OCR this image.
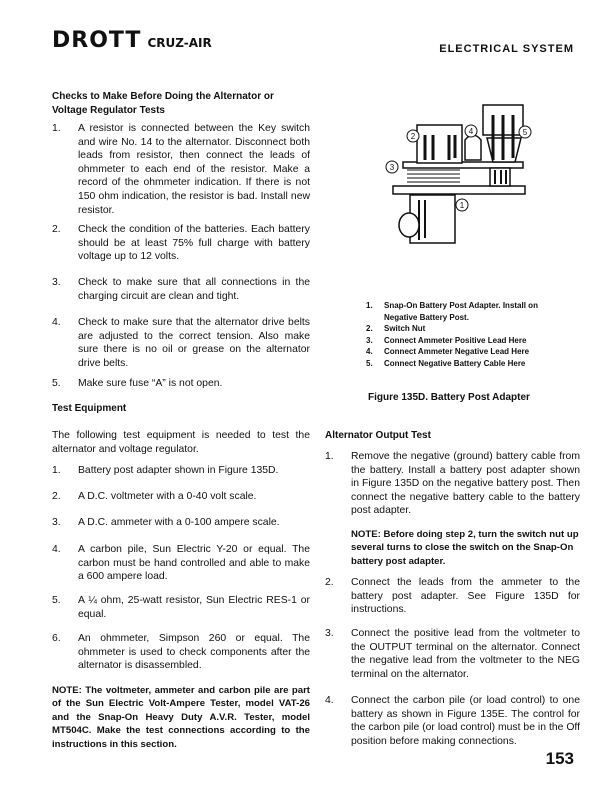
DROTT CRUZ-AIR	ELECTRICAL SYSTEM
Checks to Make Before Doing the Alternator or Voltage Regulator Tests
1.	A resistor is connected between the Key switch and wire No. 14 to the alternator. Disconnect both leads from resistor, then connect the leads of ohmmeter to each end of the resistor. Make a record of the ohmmeter indication. If there is not 150 ohm indication, the resistor is bad. Install new resistor.
2.	Check the condition of the batteries. Each battery should be at least 75% full charge with battery voltage up to 12 volts.
3.	Check to make sure that all connections in the charging circuit are clean and tight.
4.	Check to make sure that the alternator drive belts are adjusted to the correct tension. Also make sure there is no oil or grease on the alternator drive belts.
5.	Make sure fuse “A” is not open.
Test Equipment
The following test equipment is needed to test the alternator and voltage regulator.
1.	Battery post adapter shown in Figure 135D.
2.	A D.C. voltmeter with a 0-40 volt scale.
3.	A D.C. ammeter with a 0-100 ampere scale.
4.	A carbon pile, Sun Electric Y-20 or equal. The carbon must be hand controlled and able to make a 600 ampere load.
5.	A ¼ ohm, 25-watt resistor, Sun Electric RES-1 or equal.
6.	An ohmmeter, Simpson 260 or equal. The ohmmeter is used to check components after the alternator is disassembled.
NOTE: The voltmeter, ammeter and carbon pile are part of the Sun Electric Volt-Ampere Tester, model VAT-26 and the Snap-On Heavy Duty A.V.R. Tester, model MT504C. Make the test connections according to the instructions in this section.
1
2
3
4	5
1.	Snap-On Battery Post Adapter. Install on Negative Battery Post.
2.	Switch Nut
3.	Connect Ammeter Positive Lead Here
4.	Connect Ammeter Negative Lead Here
5.	Connect Negative Battery Cable Here
Figure 135D. Battery Post Adapter
Alternator Output Test
1.	Remove the negative (ground) battery cable from the battery. Install a battery post adapter shown in Figure 135D on the negative battery post. Then connect the negative battery cable to the battery post adapter.
NOTE: Before doing step 2, turn the switch nut up several turns to close the switch on the Snap-On battery post adapter.
2.	Connect the leads from the ammeter to the battery post adapter. See Figure 135D for instructions.
3.	Connect the positive lead from the voltmeter to the OUTPUT terminal on the alternator. Connect the negative lead from the voltmeter to the NEG terminal on the alternator.
4.	Connect the carbon pile (or load control) to one battery as shown in Figure 135E. The control for the carbon pile (or load control) must be in the Off position before making connections.
153
